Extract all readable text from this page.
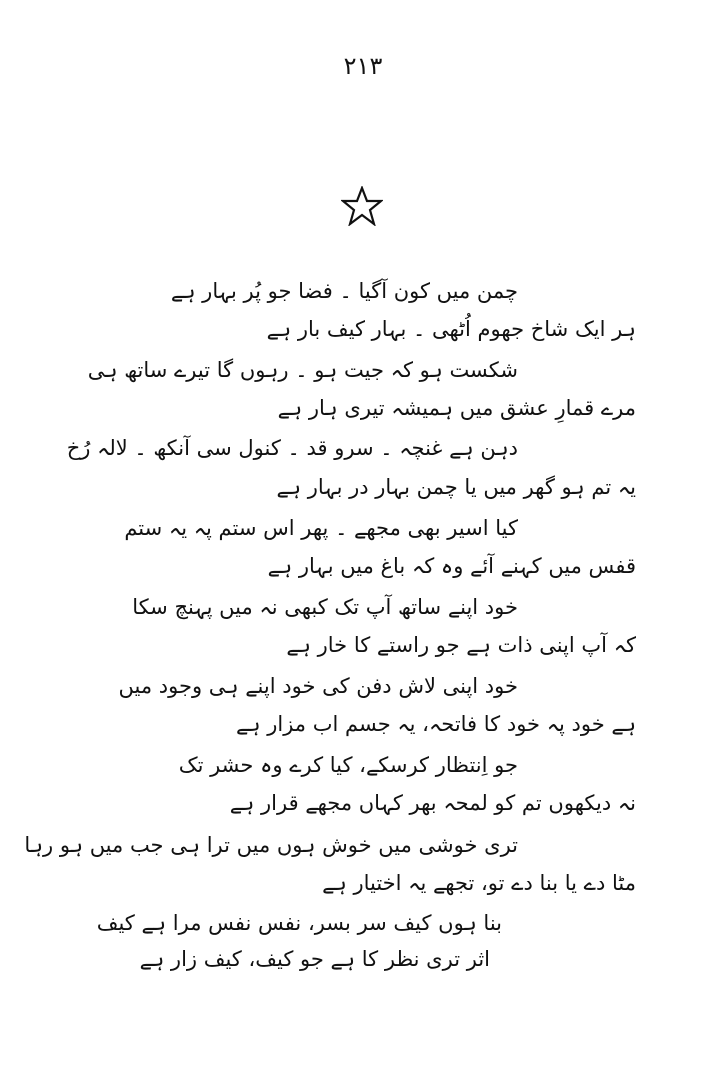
۲۱۳
چمن میں کون آگیا ۔ فضا جو پُر بہار ہے
ہر ایک شاخ جھوم اُٹھی ۔ بہار کیف بار ہے
شکست ہو کہ جیت ہو ۔ رہوں گا تیرے ساتھ ہی
مرے قمارِ عشق میں ہمیشہ تیری ہار ہے
دہن ہے غنچہ ۔ سرو قد ۔ کنول سی آنکھ ۔ لالہ رُخ
یہ تم ہو گھر میں یا چمن بہار در بہار ہے
کیا اسیر بھی مجھے ۔ پھر اس ستم پہ یہ ستم
قفس میں کہنے آئے وہ کہ باغ میں بہار ہے
خود اپنے ساتھ آپ تک کبھی نہ میں پہنچ سکا
کہ آپ اپنی ذات ہے جو راستے کا خار ہے
خود اپنی لاش دفن کی خود اپنے ہی وجود میں
ہے خود پہ خود کا فاتحہ، یہ جسم اب مزار ہے
جو اِنتظار کرسکے، کیا کرے وہ حشر تک
نہ دیکھوں تم کو لمحہ بھر کہاں مجھے قرار ہے
تری خوشی میں خوش ہوں میں ترا ہی جب میں ہو رہا
مٹا دے یا بنا دے تو، تجھے یہ اختیار ہے
بنا ہوں کیف سر بسر، نفس نفس مرا ہے کیف
اثر تری نظر کا ہے جو کیف، کیف زار ہے
